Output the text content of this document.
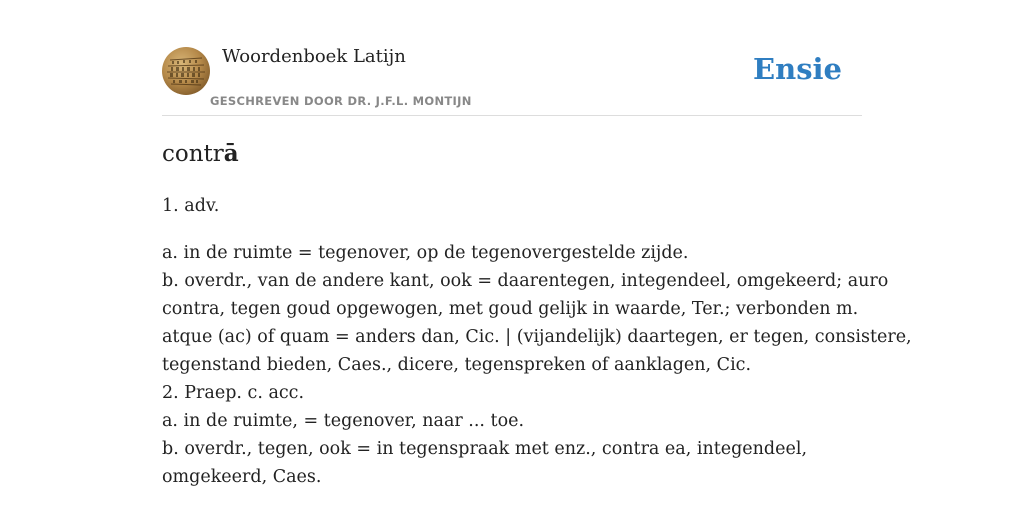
Woordenboek Latijn
GESCHREVEN DOOR DR. J.F.L. MONTIJN
Ensie
contrā
1. adv.
a. in de ruimte = tegenover, op de tegenovergestelde zijde.
b. overdr., van de andere kant, ook = daarentegen, integendeel, omgekeerd; auro
contra, tegen goud opgewogen, met goud gelijk in waarde, Ter.; verbonden m.
atque (ac) of quam = anders dan, Cic. | (vijandelijk) daartegen, er tegen, consistere,
tegenstand bieden, Caes., dicere, tegenspreken of aanklagen, Cic.
2. Praep. c. acc.
a. in de ruimte, = tegenover, naar ... toe.
b. overdr., tegen, ook = in tegenspraak met enz., contra ea, integendeel,
omgekeerd, Caes.
